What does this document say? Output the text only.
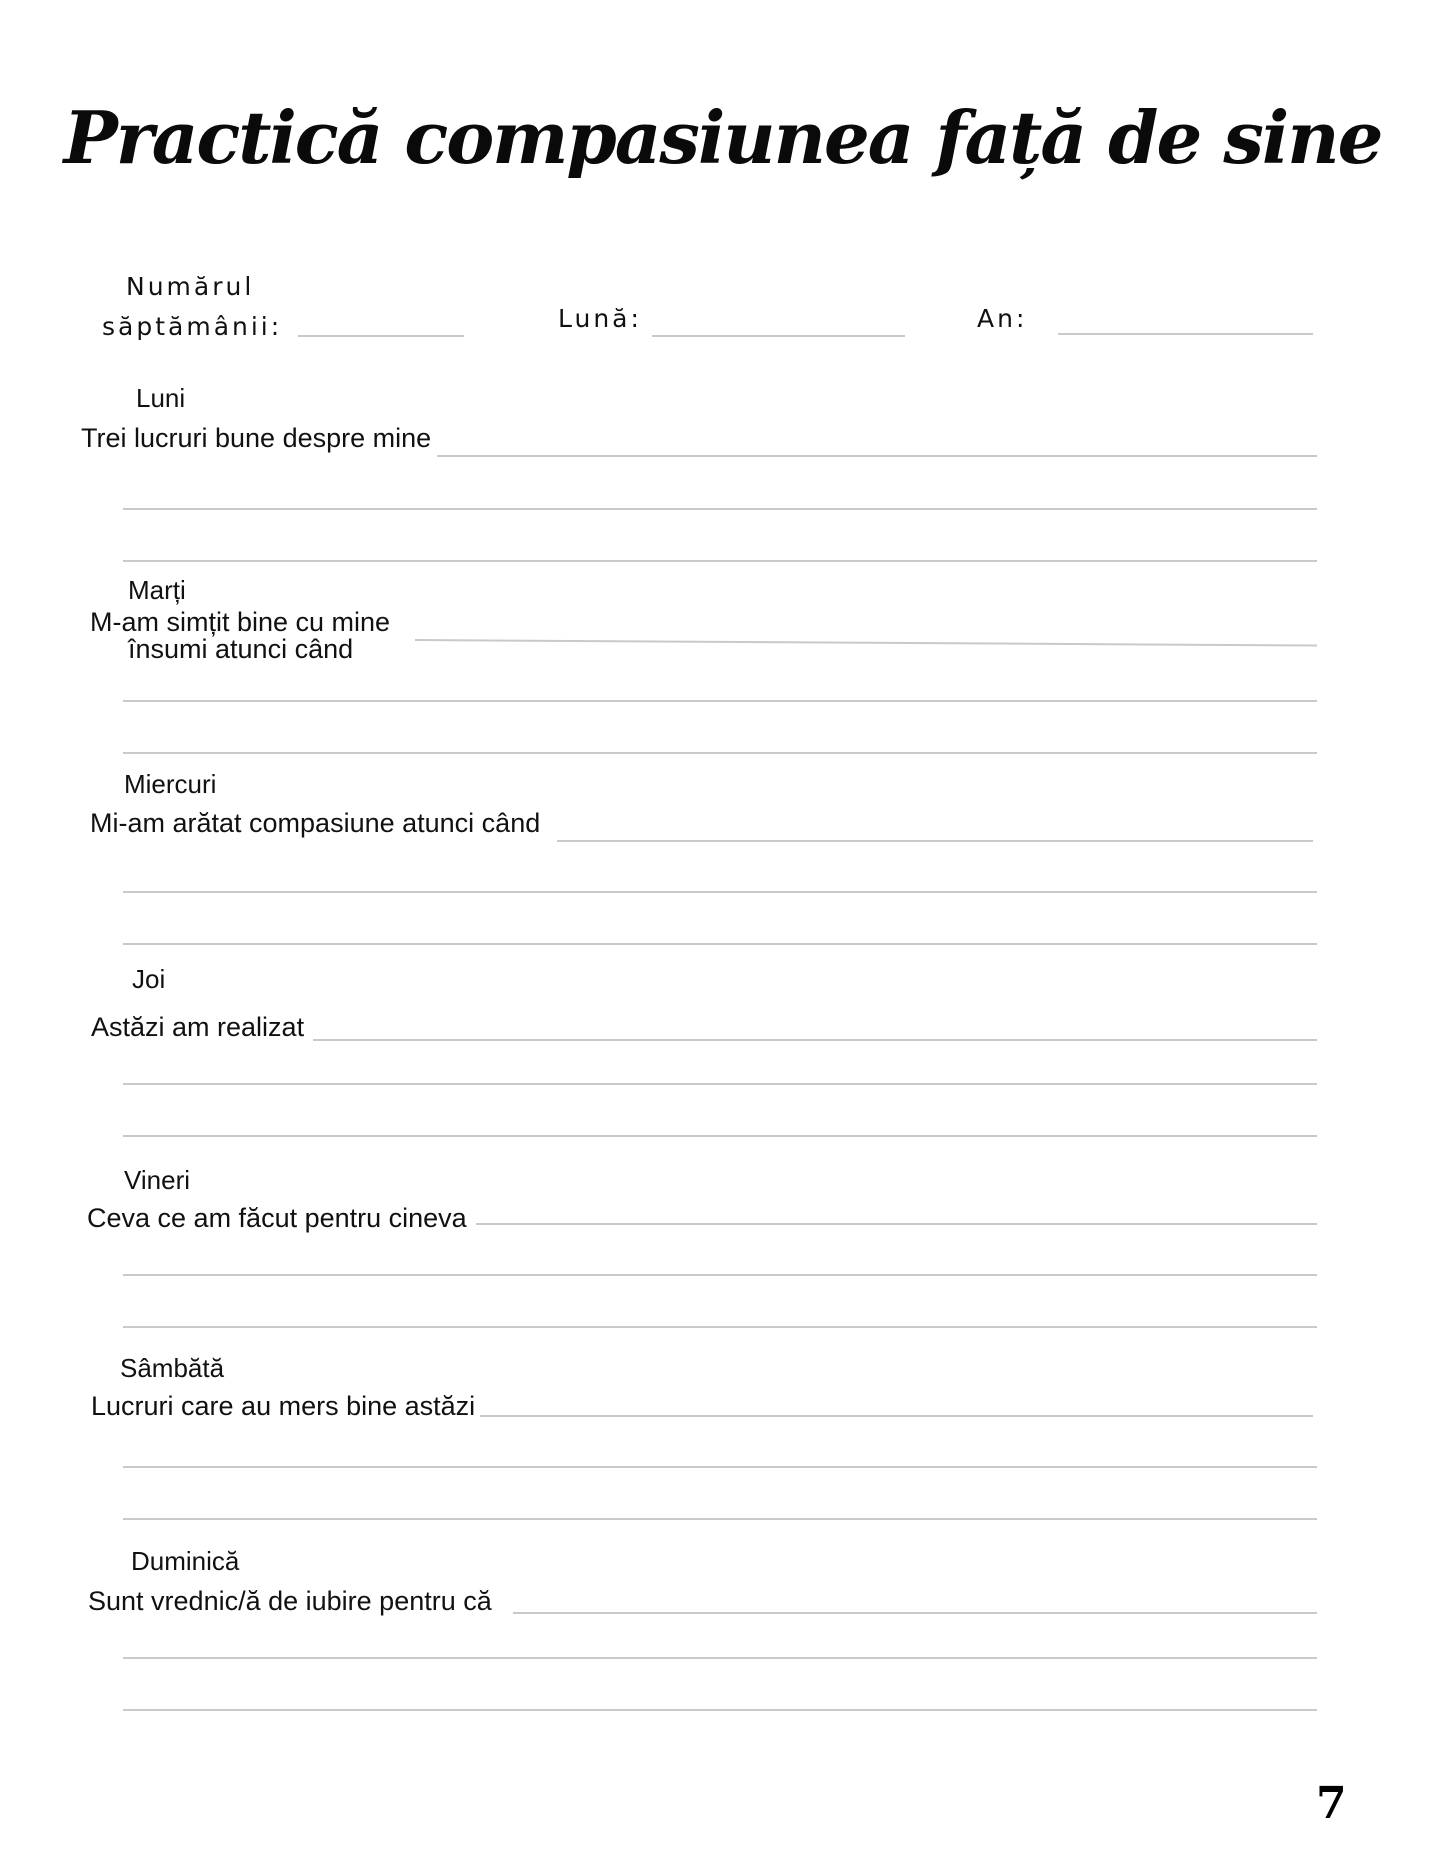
Practică compasiunea față de sine
Numărul
săptămânii:	Lună:	An:
Luni
Trei lucruri bune despre mine
Marți
M-am simțit bine cu mine
însumi atunci când
Miercuri
Mi-am arătat compasiune atunci când
Joi
Astăzi am realizat
Vineri
Ceva ce am făcut pentru cineva
Sâmbătă
Lucruri care au mers bine astăzi
Duminică
Sunt vrednic/ă de iubire pentru că
7
